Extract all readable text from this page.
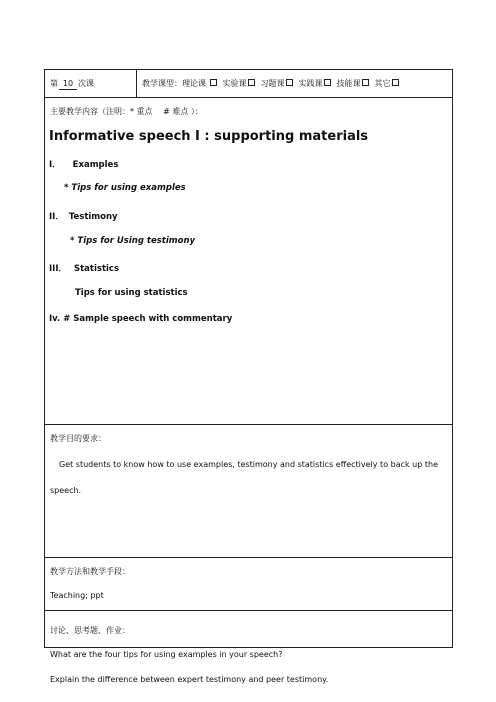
第 10 次课	教学课型：理论课 实验课 习题课 实践课 技能课 其它
主要教学内容（注明：* 重点　 # 难点 ）：
Informative speech I : supporting materials
I． Examples
* Tips for using examples
II． Testimony
* Tips for Using testimony
III． Statistics
Tips for using statistics
Iv. # Sample speech with commentary
教学目的要求：
Get students to know how to use examples, testimony and statistics effectively to back up the
speech.
教学方法和教学手段：
Teaching; ppt
讨论、思考题、作业：
What are the four tips for using examples in your speech?
Explain the difference between expert testimony and peer testimony.
